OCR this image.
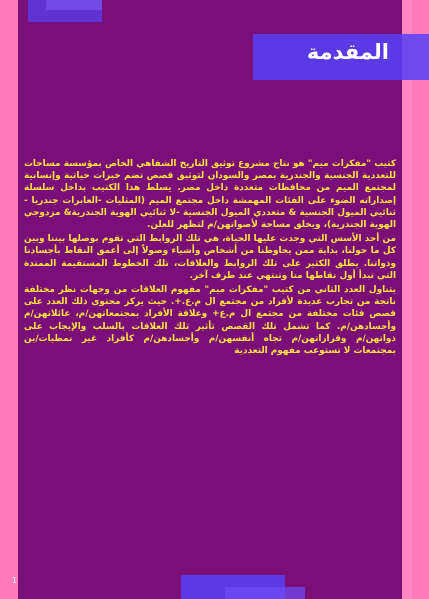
المقدمة

كتيب "مفكرات ميم" هو نتاج مشروع توثيق التاريخ الشفاهي الخاص بمؤسسة مساحات للتعددية الجنسية والجندرية بمصر والسودان لتوثيق قصص تضم خبرات حياتية وإنسانية لمجتمع الميم من محافظات متعددة داخل مصر. يسلط هذا الكتيب بداخل سلسلة إصداراته الضوء على الفئات المهمشة داخل مجتمع الميم (المثليات -العابرات جندريا - ثنائيي الميول الجنسية & متعددي الميول الجنسية -لا ثنائيي الهوية الجندرية& مزدوجي الهوية الجندرية)، ويخلق مساحة لأصواتهن/م لتظهر للعلن.

من أحد الأسس التي وجدت عليها الحياة، هي تلك الروابط التي تقوم بوصلها بيننا وبين كل ما حولنا، بداية ممن يحاوطنا من أشخاص وأشياء وصولاً إلى أعمق النقاط بأجسادنا وذواتنا. يطلق الكثير على تلك الروابط والعلاقات، تلك الخطوط المستقيمة الممتدة التي تبدأ أول نقاطها منا وتنتهي عند طرف آخر.

يتناول العدد الثاني من كتيب "مفكرات ميم" مفهوم العلاقات من وجهات نظر مختلفة ناتجة من تجارب عديدة لأفراد من مجتمع ال م.ع.+. حيث يركز محتوى ذلك العدد على قصص فئات مختلفة من مجتمع ال م.ع+ وعلاقة الأفراد بمجتمعاتهن/م، عائلاتهن/م وأجسادهن/م. كما تشمل تلك القصص تأثير تلك العلاقات بالسلب والإيجاب على ذواتهن/م وقراراتهن/م تجاه أنفسهن/م وأجسادهن/م كأفراد غير نمطيات/ين بمجتمعات لا تستوعب مفهوم التعددية

1
